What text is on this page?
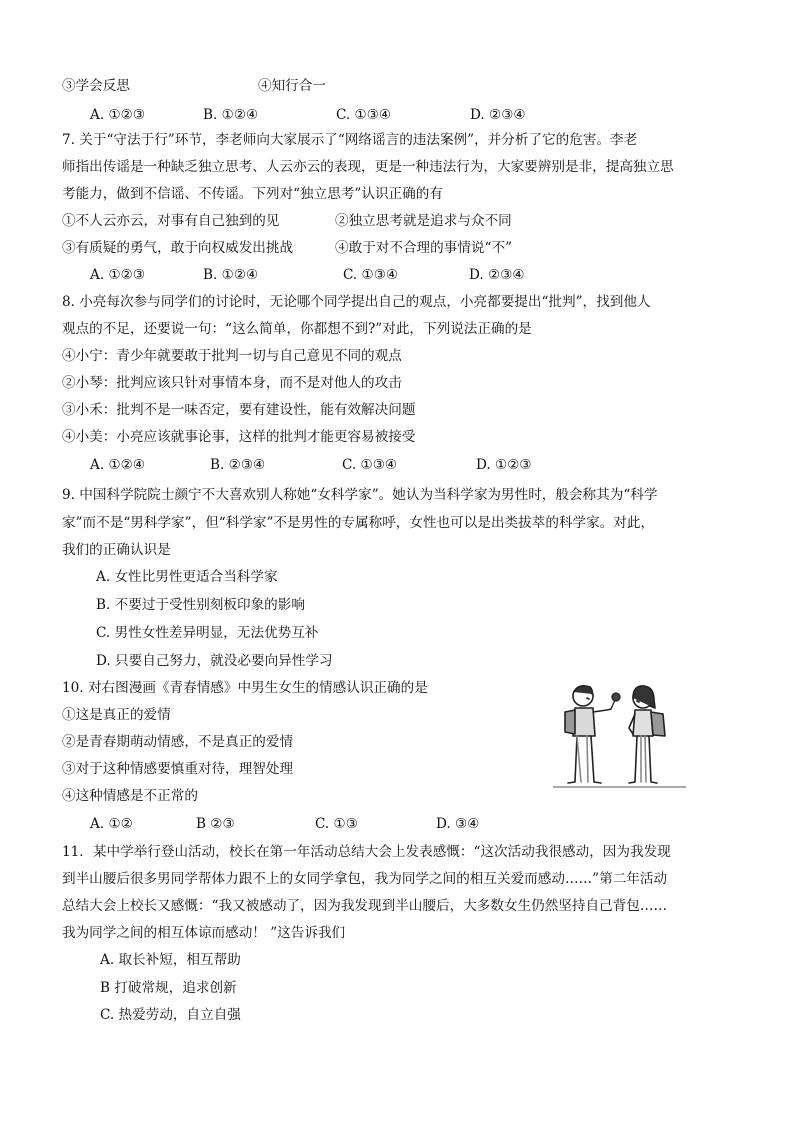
③学会反思	④知行合一
A. ①②③	B. ①②④	C. ①③④	D. ②③④
7. 关于“守法于行”环节，李老师向大家展示了“网络谣言的违法案例”，并分析了它的危害。李老
师指出传谣是一种缺乏独立思考、人云亦云的表现，更是一种违法行为，大家要辨别是非，提高独立思
考能力，做到不信谣、不传谣。下列对“独立思考”认识正确的有
①不人云亦云，对事有自己独到的见	②独立思考就是追求与众不同
③有质疑的勇气，敢于向权威发出挑战	④敢于对不合理的事情说“不”
A. ①②③	B. ①②④	C. ①③④	D. ②③④
8. 小亮每次参与同学们的讨论时，无论哪个同学提出自己的观点，小亮都要提出“批判”，找到他人
观点的不足，还要说一句：“这么简单，你都想不到?”对此，下列说法正确的是
④小宁：青少年就要敢于批判一切与自己意见不同的观点
②小琴：批判应该只针对事情本身，而不是对他人的攻击
③小禾：批判不是一味否定，要有建设性，能有效解决问题
④小美：小亮应该就事论事，这样的批判才能更容易被接受
A. ①②④	B. ②③④	C. ①③④	D. ①②③
9. 中国科学院院士颜宁不大喜欢别人称她“女科学家”。她认为当科学家为男性时，般会称其为“科学
家”而不是“男科学家”，但“科学家”不是男性的专属称呼，女性也可以是出类拔萃的科学家。对此，
我们的正确认识是
A. 女性比男性更适合当科学家
B. 不要过于受性别刻板印象的影响
C. 男性女性差异明显，无法优势互补
D. 只要自己努力，就没必要向异性学习
10. 对右图漫画《青春情感》中男生女生的情感认识正确的是
①这是真正的爱情
②是青春期萌动情感，不是真正的爱情
③对于这种情感要慎重对待，理智处理
④这种情感是不正常的
A. ①②	B ②③	C. ①③	D. ③④
11．某中学举行登山活动，校长在第一年活动总结大会上发表感慨：“这次活动我很感动，因为我发现
到半山腰后很多男同学帮体力跟不上的女同学拿包，我为同学之间的相互关爱而感动……”第二年活动
总结大会上校长又感慨：“我又被感动了，因为我发现到半山腰后，大多数女生仍然坚持自己背包……
我为同学之间的相互体谅而感动！ ”这告诉我们
A. 取长补短，相互帮助
B 打破常规，追求创新
C. 热爱劳动，自立自强
